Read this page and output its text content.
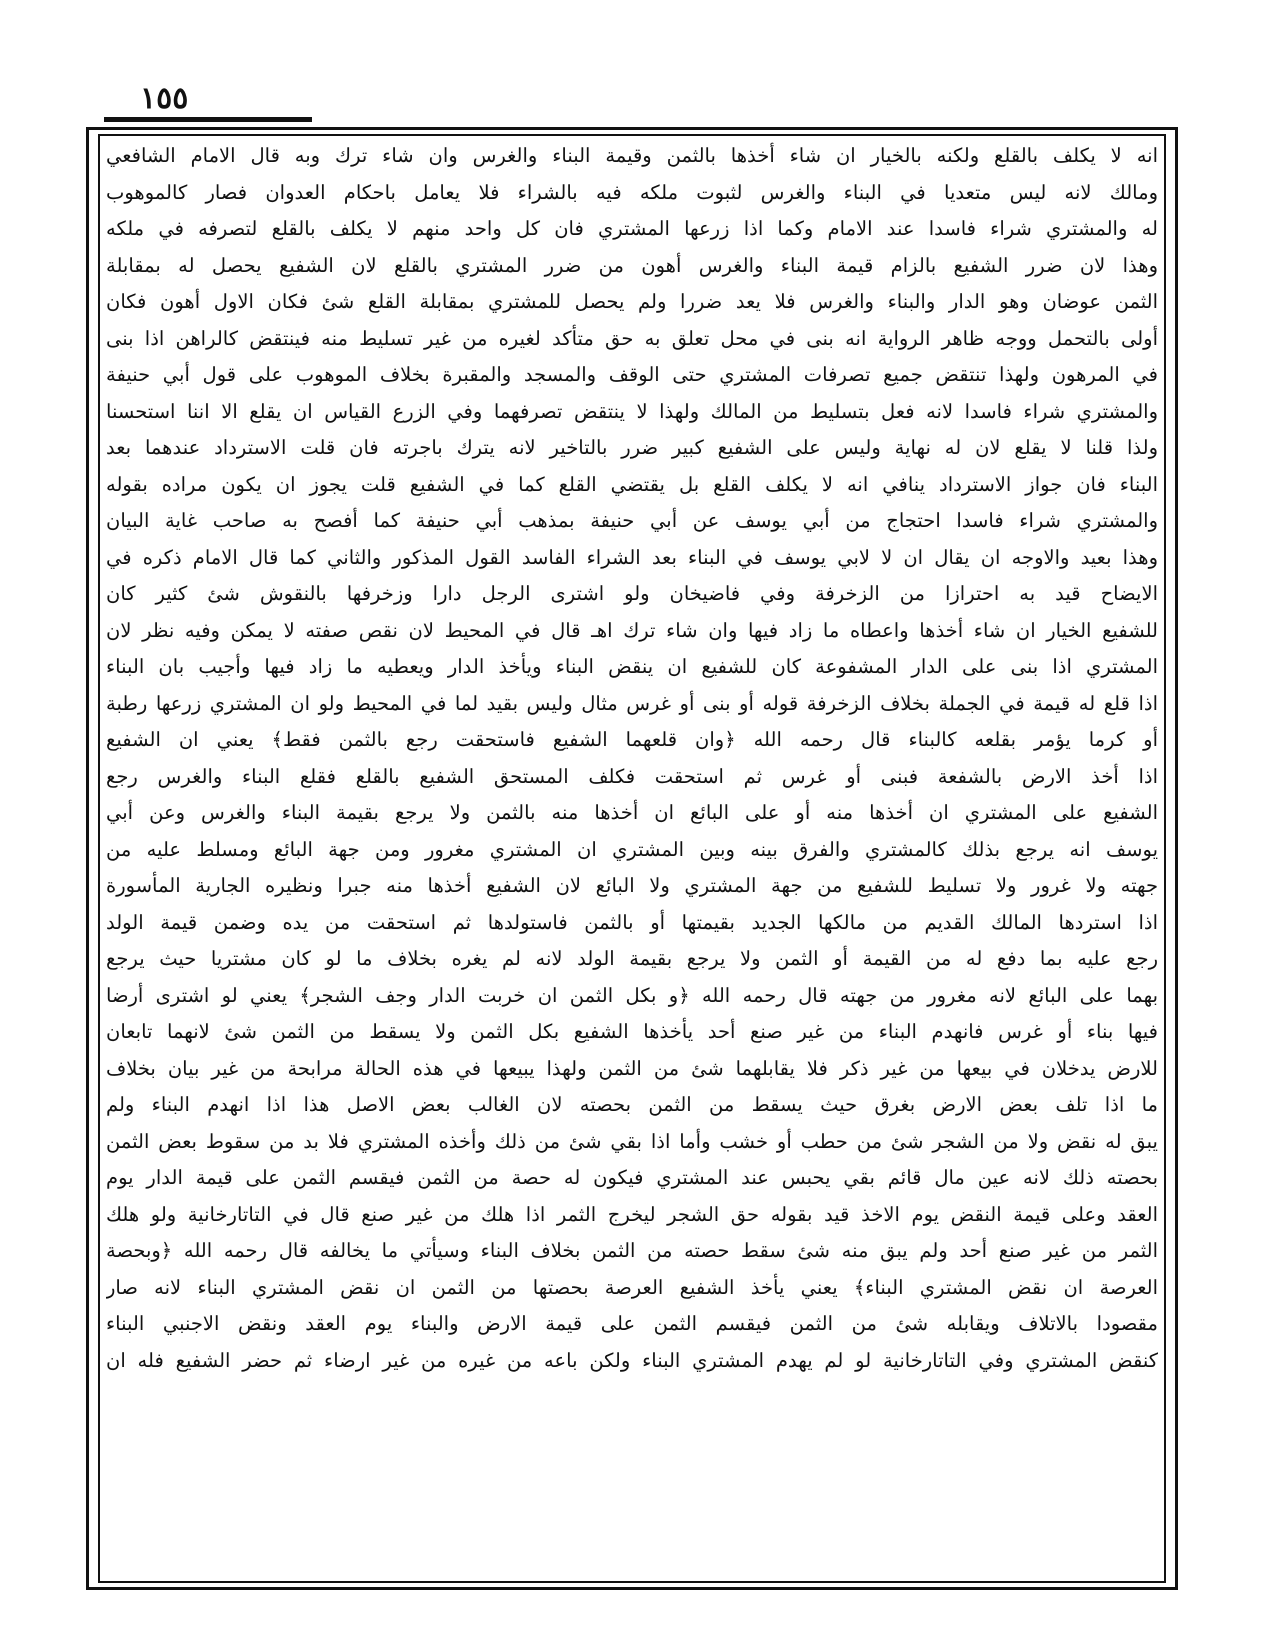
١٥٥
انه لا يكلف بالقلع ولكنه بالخيار ان شاء أخذها بالثمن وقيمة البناء والغرس وان شاء ترك وبه قال الامام الشافعي
ومالك لانه ليس متعديا في البناء والغرس لثبوت ملكه فيه بالشراء فلا يعامل باحكام العدوان فصار كالموهوب
له والمشتري شراء فاسدا عند الامام وكما اذا زرعها المشتري فان كل واحد منهم لا يكلف بالقلع لتصرفه في ملكه
وهذا لان ضرر الشفيع بالزام قيمة البناء والغرس أهون من ضرر المشتري بالقلع لان الشفيع يحصل له بمقابلة
الثمن عوضان وهو الدار والبناء والغرس فلا يعد ضررا ولم يحصل للمشتري بمقابلة القلع شئ فكان الاول أهون فكان
أولى بالتحمل ووجه ظاهر الرواية انه بنى في محل تعلق به حق متأكد لغيره من غير تسليط منه فينتقض كالراهن اذا بنى
في المرهون ولهذا تنتقض جميع تصرفات المشتري حتى الوقف والمسجد والمقبرة بخلاف الموهوب على قول أبي حنيفة
والمشتري شراء فاسدا لانه فعل بتسليط من المالك ولهذا لا ينتقض تصرفهما وفي الزرع القياس ان يقلع الا اننا استحسنا
ولذا قلنا لا يقلع لان له نهاية وليس على الشفيع كبير ضرر بالتاخير لانه يترك باجرته فان قلت الاسترداد عندهما بعد
البناء فان جواز الاسترداد ينافي انه لا يكلف القلع بل يقتضي القلع كما في الشفيع قلت يجوز ان يكون مراده بقوله
والمشتري شراء فاسدا احتجاج من أبي يوسف عن أبي حنيفة بمذهب أبي حنيفة كما أفصح به صاحب غاية البيان
وهذا بعيد والاوجه ان يقال ان لا لابي يوسف في البناء بعد الشراء الفاسد القول المذكور والثاني كما قال الامام ذكره في
الايضاح قيد به احترازا من الزخرفة وفي فاضيخان ولو اشترى الرجل دارا وزخرفها بالنقوش شئ كثير كان
للشفيع الخيار ان شاء أخذها واعطاه ما زاد فيها وان شاء ترك اهـ قال في المحيط لان نقص صفته لا يمكن وفيه نظر لان
المشتري اذا بنى على الدار المشفوعة كان للشفيع ان ينقض البناء ويأخذ الدار ويعطيه ما زاد فيها وأجيب بان البناء
اذا قلع له قيمة في الجملة بخلاف الزخرفة قوله أو بنى أو غرس مثال وليس بقيد لما في المحيط ولو ان المشتري زرعها رطبة
أو كرما يؤمر بقلعه كالبناء قال رحمه الله ﴿وان قلعهما الشفيع فاستحقت رجع بالثمن فقط﴾ يعني ان الشفيع
اذا أخذ الارض بالشفعة فبنى أو غرس ثم استحقت فكلف المستحق الشفيع بالقلع فقلع البناء والغرس رجع
الشفيع على المشتري ان أخذها منه أو على البائع ان أخذها منه بالثمن ولا يرجع بقيمة البناء والغرس وعن أبي
يوسف انه يرجع بذلك كالمشتري والفرق بينه وبين المشتري ان المشتري مغرور ومن جهة البائع ومسلط عليه من
جهته ولا غرور ولا تسليط للشفيع من جهة المشتري ولا البائع لان الشفيع أخذها منه جبرا ونظيره الجارية المأسورة
اذا استردها المالك القديم من مالكها الجديد بقيمتها أو بالثمن فاستولدها ثم استحقت من يده وضمن قيمة الولد
رجع عليه بما دفع له من القيمة أو الثمن ولا يرجع بقيمة الولد لانه لم يغره بخلاف ما لو كان مشتريا حيث يرجع
بهما على البائع لانه مغرور من جهته قال رحمه الله ﴿و بكل الثمن ان خربت الدار وجف الشجر﴾ يعني لو اشترى أرضا
فيها بناء أو غرس فانهدم البناء من غير صنع أحد يأخذها الشفيع بكل الثمن ولا يسقط من الثمن شئ لانهما تابعان
للارض يدخلان في بيعها من غير ذكر فلا يقابلهما شئ من الثمن ولهذا يبيعها في هذه الحالة مرابحة من غير بيان بخلاف
ما اذا تلف بعض الارض بغرق حيث يسقط من الثمن بحصته لان الغالب بعض الاصل هذا اذا انهدم البناء ولم
يبق له نقض ولا من الشجر شئ من حطب أو خشب وأما اذا بقي شئ من ذلك وأخذه المشتري فلا بد من سقوط بعض الثمن
بحصته ذلك لانه عين مال قائم بقي يحبس عند المشتري فيكون له حصة من الثمن فيقسم الثمن على قيمة الدار يوم
العقد وعلى قيمة النقض يوم الاخذ قيد بقوله حق الشجر ليخرج الثمر اذا هلك من غير صنع قال في التاتارخانية ولو هلك
الثمر من غير صنع أحد ولم يبق منه شئ سقط حصته من الثمن بخلاف البناء وسيأتي ما يخالفه قال رحمه الله ﴿وبحصة
العرصة ان نقض المشتري البناء﴾ يعني يأخذ الشفيع العرصة بحصتها من الثمن ان نقض المشتري البناء لانه صار
مقصودا بالاتلاف ويقابله شئ من الثمن فيقسم الثمن على قيمة الارض والبناء يوم العقد ونقض الاجنبي البناء
كنقض المشتري وفي التاتارخانية لو لم يهدم المشتري البناء ولكن باعه من غيره من غير ارضاء ثم حضر الشفيع فله ان
